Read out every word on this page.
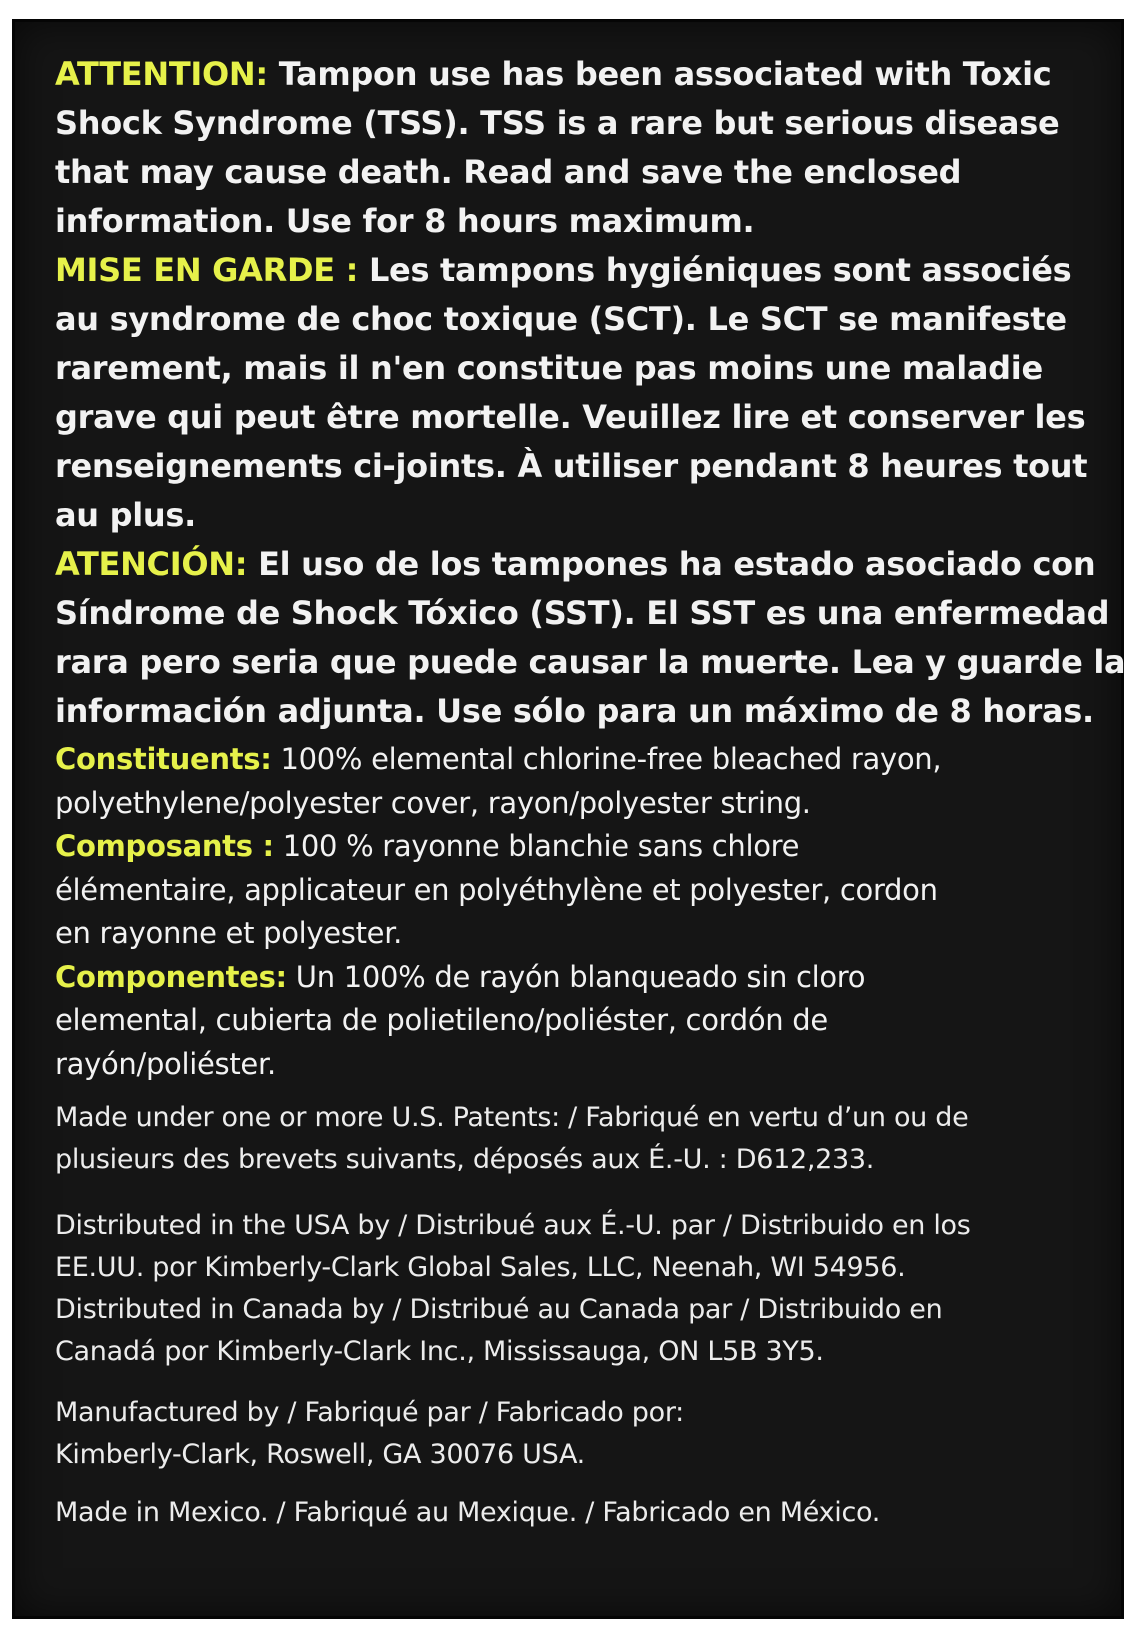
ATTENTION: Tampon use has been associated with Toxic
Shock Syndrome (TSS). TSS is a rare but serious disease
that may cause death. Read and save the enclosed
information. Use for 8 hours maximum.

MISE EN GARDE : Les tampons hygiéniques sont associés
au syndrome de choc toxique (SCT). Le SCT se manifeste
rarement, mais il n'en constitue pas moins une maladie
grave qui peut être mortelle. Veuillez lire et conserver les
renseignements ci-joints. À utiliser pendant 8 heures tout
au plus.

ATENCIÓN: El uso de los tampones ha estado asociado con
Síndrome de Shock Tóxico (SST). El SST es una enfermedad
rara pero seria que puede causar la muerte. Lea y guarde la
información adjunta. Use sólo para un máximo de 8 horas.

Constituents: 100% elemental chlorine-free bleached rayon,
polyethylene/polyester cover, rayon/polyester string.

Composants : 100 % rayonne blanchie sans chlore
élémentaire, applicateur en polyéthylène et polyester, cordon
en rayonne et polyester.

Componentes: Un 100% de rayón blanqueado sin cloro
elemental, cubierta de polietileno/poliéster, cordón de
rayón/poliéster.

Made under one or more U.S. Patents: / Fabriqué en vertu d’un ou de
plusieurs des brevets suivants, déposés aux É.-U. : D612,233.
Distributed in the USA by / Distribué aux É.-U. par / Distribuido en los
EE.UU. por Kimberly-Clark Global Sales, LLC, Neenah, WI 54956.
Distributed in Canada by / Distribué au Canada par / Distribuido en
Canadá por Kimberly-Clark Inc., Mississauga, ON L5B 3Y5.
Manufactured by / Fabriqué par / Fabricado por:
Kimberly-Clark, Roswell, GA 30076 USA.
Made in Mexico. / Fabriqué au Mexique. / Fabricado en México.
